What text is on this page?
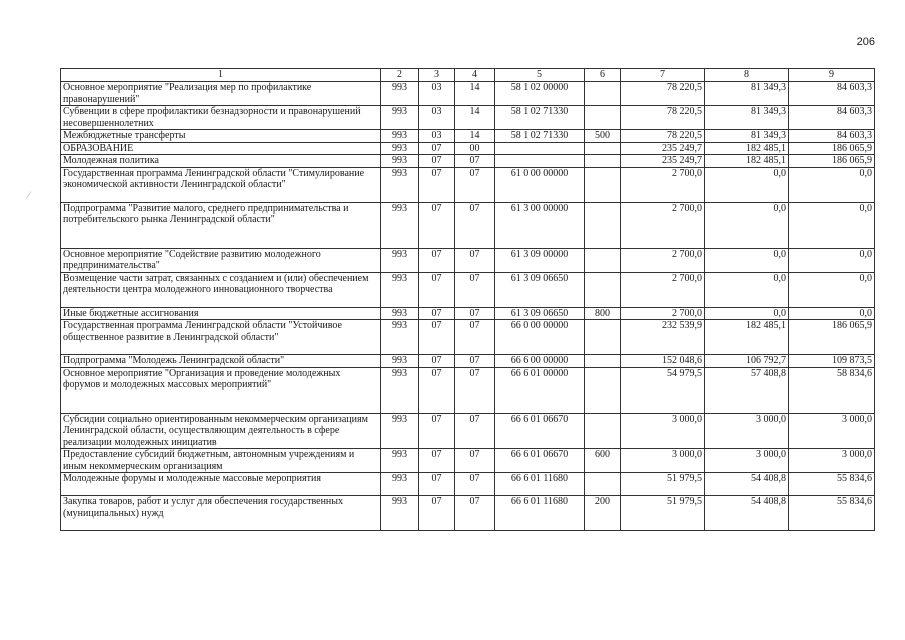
206
⁄
1	2	3	4	5	6	7	8	9
Основное мероприятие "Реализация мер по профилактике правонарушений"	993	03	14	58 1 02 00000		78 220,5	81 349,3	84 603,3
Субвенции в сфере профилактики безнадзорности и правонарушений несовершеннолетних	993	03	14	58 1 02 71330		78 220,5	81 349,3	84 603,3
Межбюджетные трансферты	993	03	14	58 1 02 71330	500	78 220,5	81 349,3	84 603,3
ОБРАЗОВАНИЕ	993	07	00			235 249,7	182 485,1	186 065,9
Молодежная политика	993	07	07			235 249,7	182 485,1	186 065,9
Государственная программа Ленинградской области "Стимулирование экономической активности Ленинградской области"	993	07	07	61 0 00 00000		2 700,0	0,0	0,0
Подпрограмма "Развитие малого, среднего предпринимательства и потребительского рынка Ленинградской области"	993	07	07	61 3 00 00000		2 700,0	0,0	0,0
Основное мероприятие "Содействие развитию молодежного предпринимательства"	993	07	07	61 3 09 00000		2 700,0	0,0	0,0
Возмещение части затрат, связанных с созданием и (или) обеспечением деятельности центра молодежного инновационного творчества	993	07	07	61 3 09 06650		2 700,0	0,0	0,0
Иные бюджетные ассигнования	993	07	07	61 3 09 06650	800	2 700,0	0,0	0,0
Государственная программа Ленинградской области "Устойчивое общественное развитие в Ленинградской области"	993	07	07	66 0 00 00000		232 539,9	182 485,1	186 065,9
Подпрограмма "Молодежь Ленинградской области"	993	07	07	66 6 00 00000		152 048,6	106 792,7	109 873,5
Основное мероприятие "Организация и проведение молодежных форумов и молодежных массовых мероприятий"	993	07	07	66 6 01 00000		54 979,5	57 408,8	58 834,6
Субсидии социально ориентированным некоммерческим организациям Ленинградской области, осуществляющим деятельность в сфере реализации молодежных инициатив	993	07	07	66 6 01 06670		3 000,0	3 000,0	3 000,0
Предоставление субсидий бюджетным, автономным учреждениям и иным некоммерческим организациям	993	07	07	66 6 01 06670	600	3 000,0	3 000,0	3 000,0
Молодежные форумы и молодежные массовые мероприятия	993	07	07	66 6 01 11680		51 979,5	54 408,8	55 834,6
Закупка товаров, работ и услуг для обеспечения государственных (муниципальных) нужд	993	07	07	66 6 01 11680	200	51 979,5	54 408,8	55 834,6
